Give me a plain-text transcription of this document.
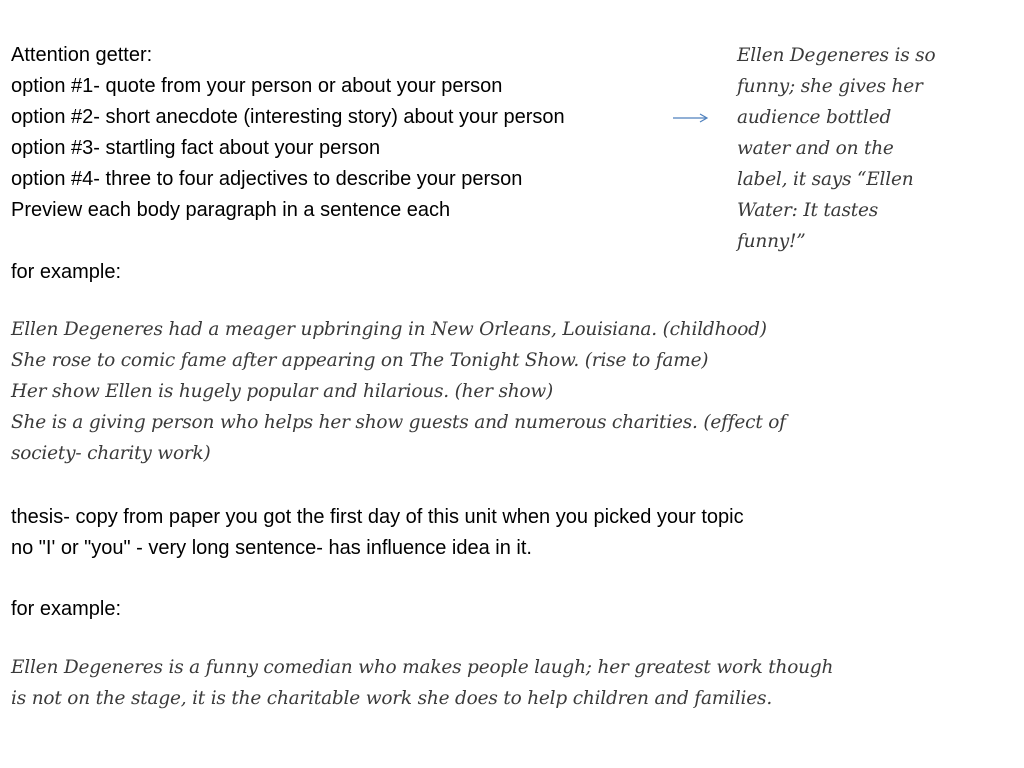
Attention getter:
option #1- quote from your person or about your person
option #2- short anecdote (interesting story) about your person
option #3- startling fact about your person
option #4- three to four adjectives to describe your person
Preview each body paragraph in a sentence each
Ellen Degeneres is so
funny; she gives her
audience bottled
water and on the
label, it says “Ellen
Water: It tastes
funny!”
for example:
Ellen Degeneres had a meager upbringing in New Orleans, Louisiana. (childhood)
She rose to comic fame after appearing on The Tonight Show. (rise to fame)
Her show Ellen is hugely popular and hilarious. (her show)
She is a giving person who helps her show guests and numerous charities. (effect of
society- charity work)
thesis- copy from paper you got the first day of this unit when you picked your topic
no "I' or "you" - very long sentence- has influence idea in it.
for example:
Ellen Degeneres is a funny comedian who makes people laugh; her greatest work though
is not on the stage, it is the charitable work she does to help children and families.
